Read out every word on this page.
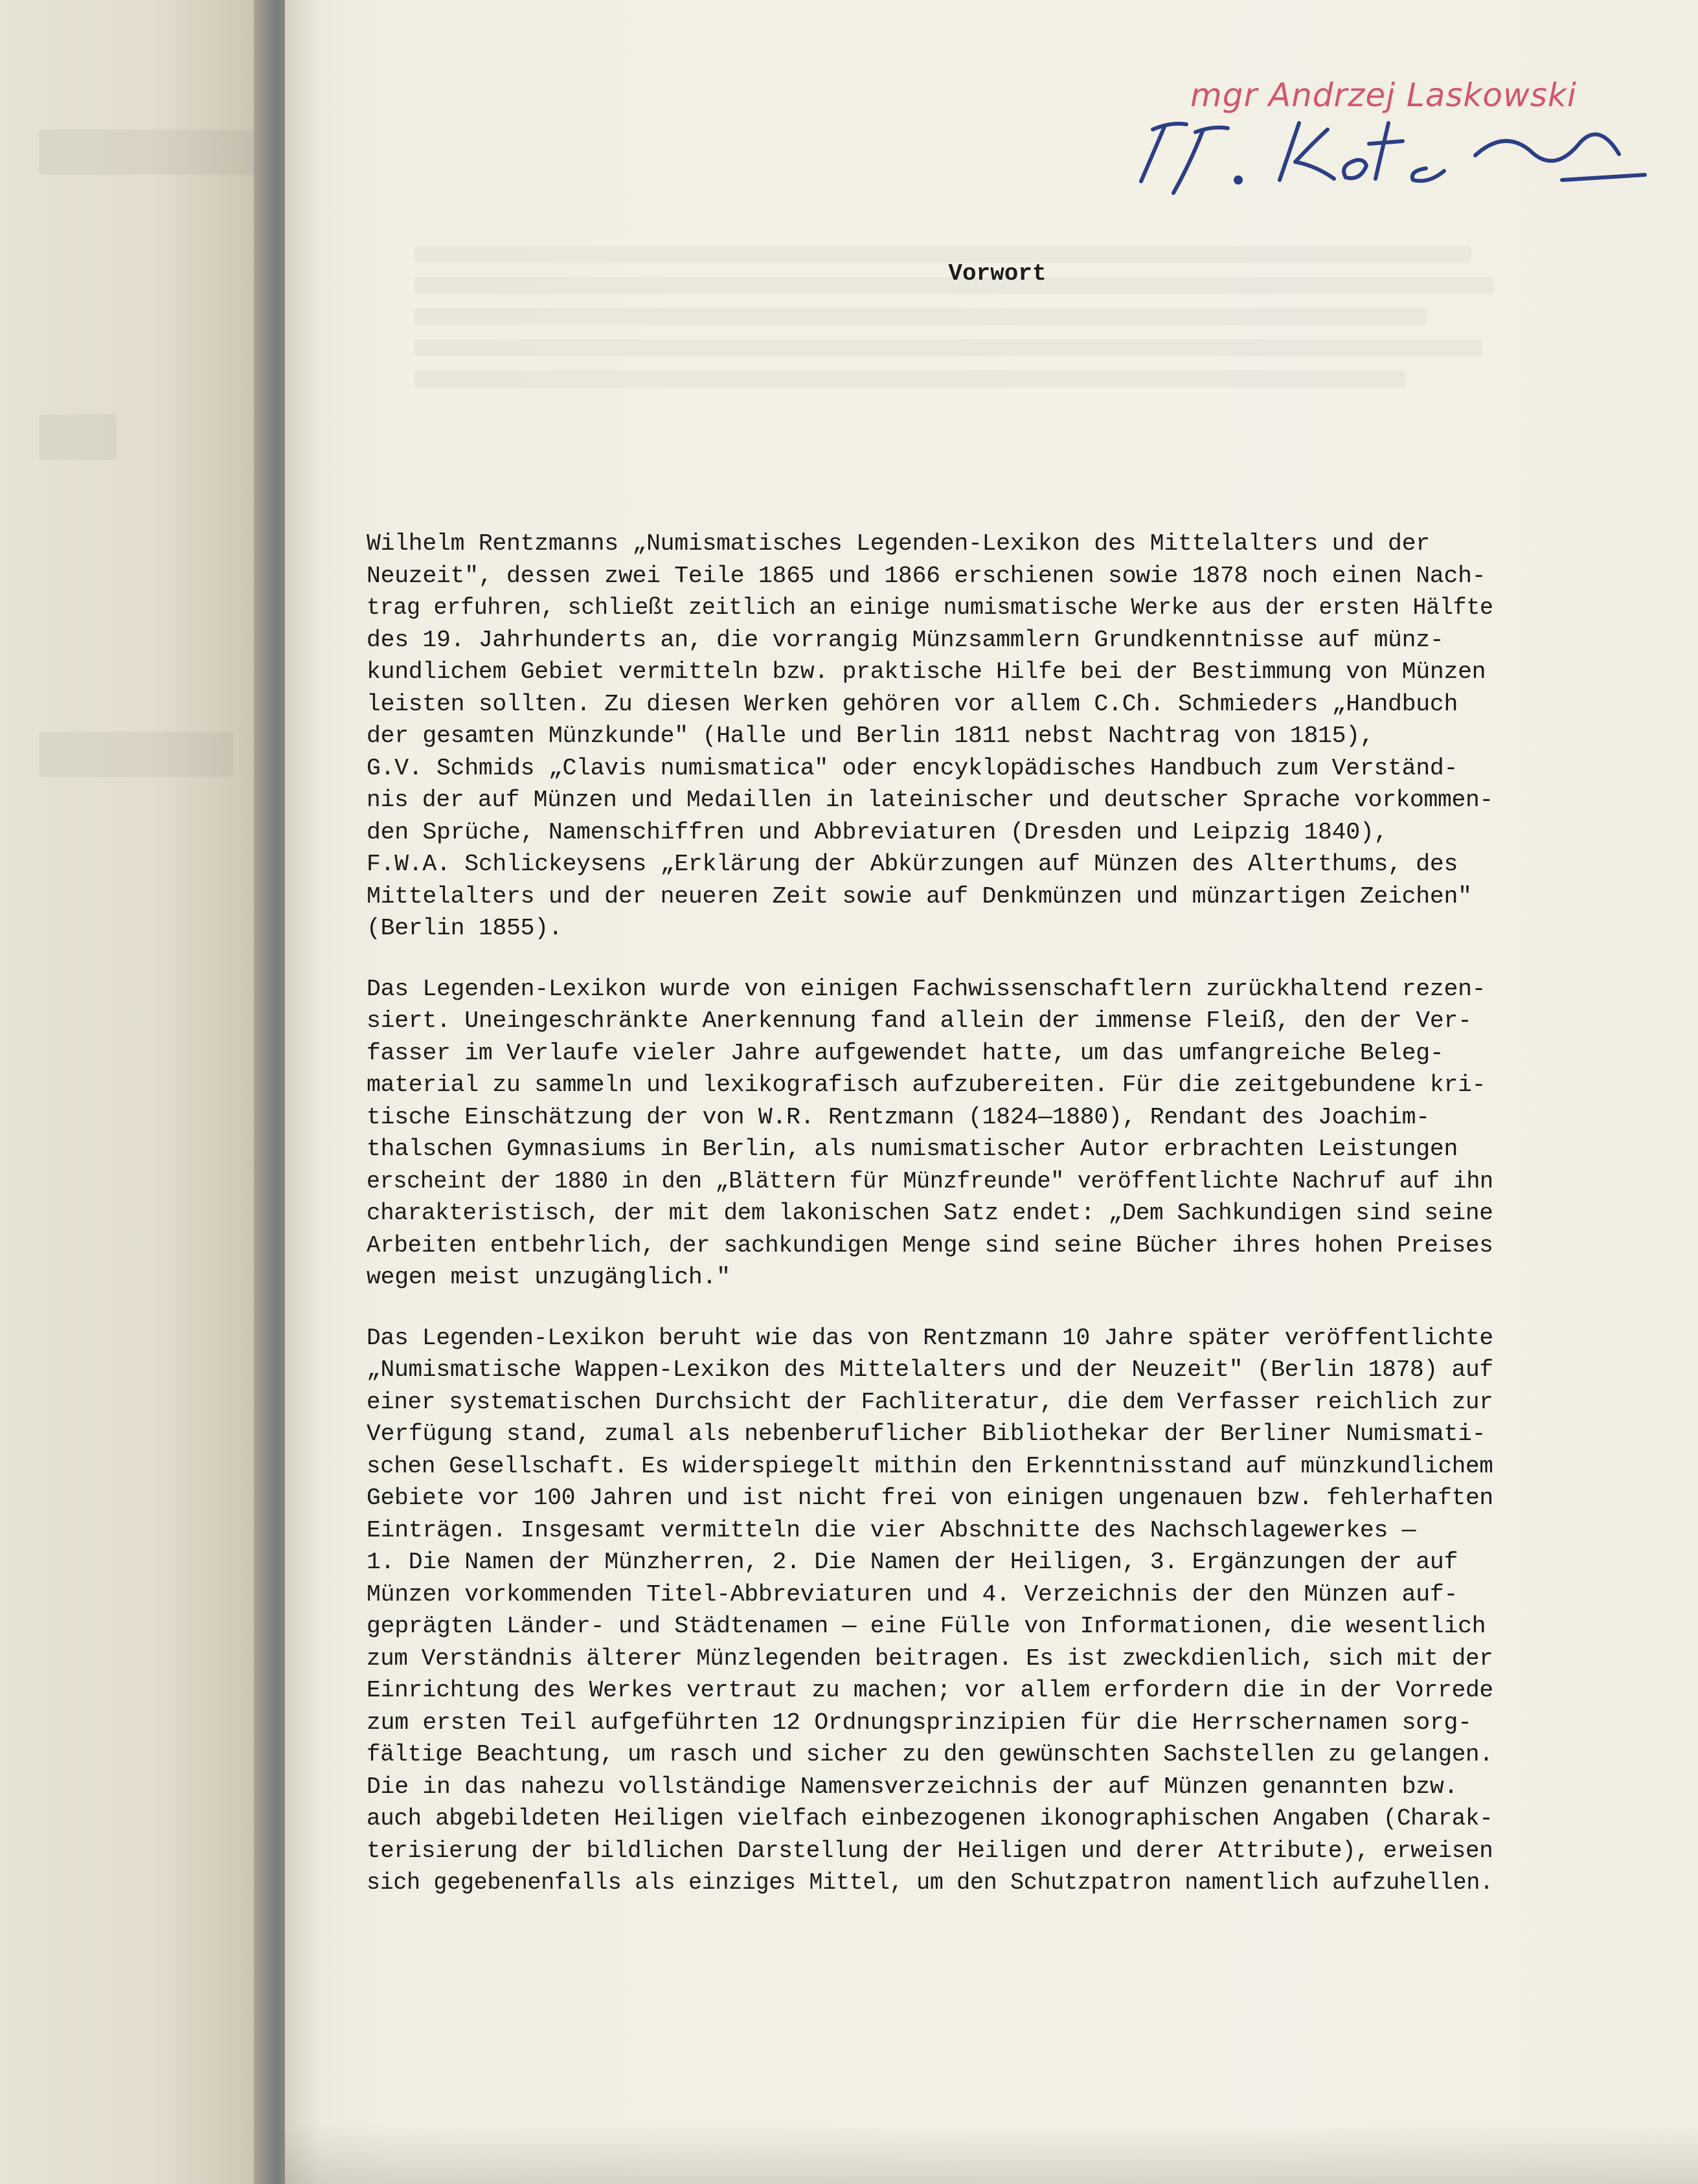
mgr Andrzej Laskowski
Vorwort
Wilhelm Rentzmanns „Numismatisches Legenden-Lexikon des Mittelalters und der
Neuzeit", dessen zwei Teile 1865 und 1866 erschienen sowie 1878 noch einen Nach-
trag erfuhren, schließt zeitlich an einige numismatische Werke aus der ersten Hälfte
des 19. Jahrhunderts an, die vorrangig Münzsammlern Grundkenntnisse auf münz-
kundlichem Gebiet vermitteln bzw. praktische Hilfe bei der Bestimmung von Münzen
leisten sollten. Zu diesen Werken gehören vor allem C.Ch. Schmieders „Handbuch
der gesamten Münzkunde" (Halle und Berlin 1811 nebst Nachtrag von 1815),
G.V. Schmids „Clavis numismatica" oder encyklopädisches Handbuch zum Verständ-
nis der auf Münzen und Medaillen in lateinischer und deutscher Sprache vorkommen-
den Sprüche, Namenschiffren und Abbreviaturen (Dresden und Leipzig 1840),
F.W.A. Schlickeysens „Erklärung der Abkürzungen auf Münzen des Alterthums, des
Mittelalters und der neueren Zeit sowie auf Denkmünzen und münzartigen Zeichen"
(Berlin 1855).
Das Legenden-Lexikon wurde von einigen Fachwissenschaftlern zurückhaltend rezen-
siert. Uneingeschränkte Anerkennung fand allein der immense Fleiß, den der Ver-
fasser im Verlaufe vieler Jahre aufgewendet hatte, um das umfangreiche Beleg-
material zu sammeln und lexikografisch aufzubereiten. Für die zeitgebundene kri-
tische Einschätzung der von W.R. Rentzmann (1824—1880), Rendant des Joachim-
thalschen Gymnasiums in Berlin, als numismatischer Autor erbrachten Leistungen
erscheint der 1880 in den „Blättern für Münzfreunde" veröffentlichte Nachruf auf ihn
charakteristisch, der mit dem lakonischen Satz endet: „Dem Sachkundigen sind seine
Arbeiten entbehrlich, der sachkundigen Menge sind seine Bücher ihres hohen Preises
wegen meist unzugänglich."
Das Legenden-Lexikon beruht wie das von Rentzmann 10 Jahre später veröffentlichte
„Numismatische Wappen-Lexikon des Mittelalters und der Neuzeit" (Berlin 1878) auf
einer systematischen Durchsicht der Fachliteratur, die dem Verfasser reichlich zur
Verfügung stand, zumal als nebenberuflicher Bibliothekar der Berliner Numismati-
schen Gesellschaft. Es widerspiegelt mithin den Erkenntnisstand auf münzkundlichem
Gebiete vor 100 Jahren und ist nicht frei von einigen ungenauen bzw. fehlerhaften
Einträgen. Insgesamt vermitteln die vier Abschnitte des Nachschlagewerkes —
1. Die Namen der Münzherren, 2. Die Namen der Heiligen, 3. Ergänzungen der auf
Münzen vorkommenden Titel-Abbreviaturen und 4. Verzeichnis der den Münzen auf-
geprägten Länder- und Städtenamen — eine Fülle von Informationen, die wesentlich
zum Verständnis älterer Münzlegenden beitragen. Es ist zweckdienlich, sich mit der
Einrichtung des Werkes vertraut zu machen; vor allem erfordern die in der Vorrede
zum ersten Teil aufgeführten 12 Ordnungsprinzipien für die Herrschernamen sorg-
fältige Beachtung, um rasch und sicher zu den gewünschten Sachstellen zu gelangen.
Die in das nahezu vollständige Namensverzeichnis der auf Münzen genannten bzw.
auch abgebildeten Heiligen vielfach einbezogenen ikonographischen Angaben (Charak-
terisierung der bildlichen Darstellung der Heiligen und derer Attribute), erweisen
sich gegebenenfalls als einziges Mittel, um den Schutzpatron namentlich aufzuhellen.
